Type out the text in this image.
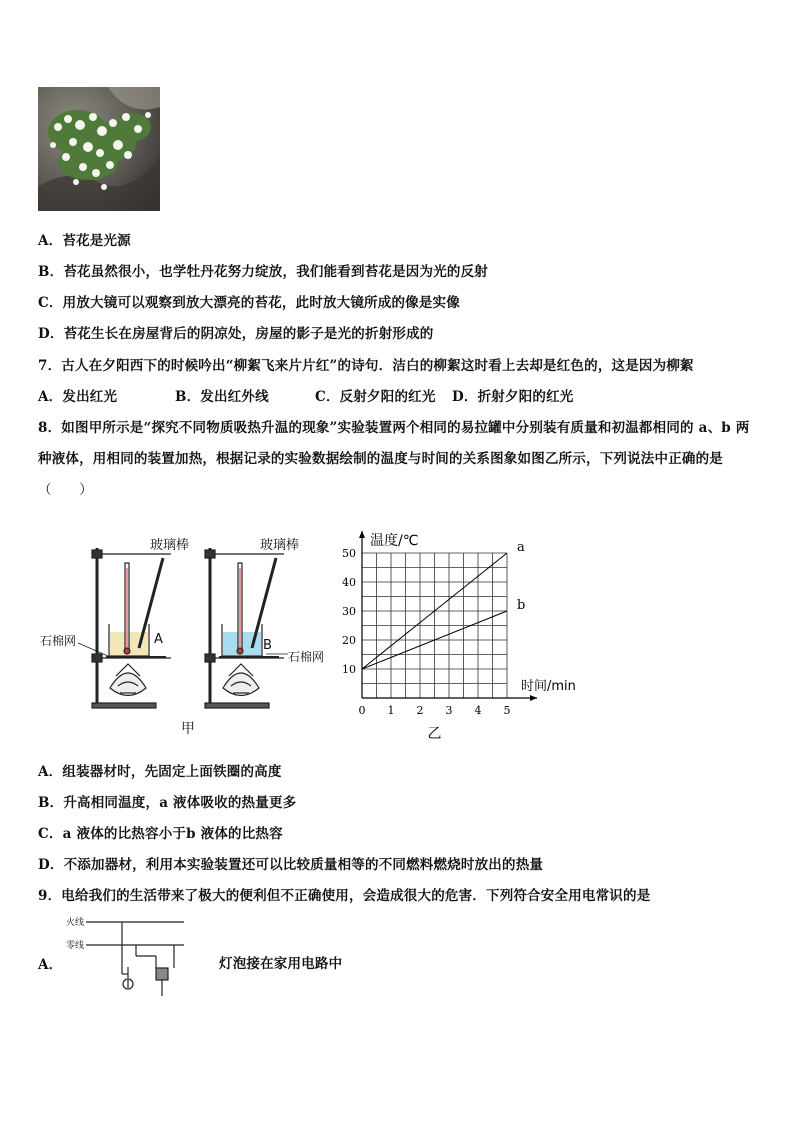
A．苔花是光源
B．苔花虽然很小，也学牡丹花努力绽放，我们能看到苔花是因为光的反射
C．用放大镜可以观察到放大漂亮的苔花，此时放大镜所成的像是实像
D．苔花生长在房屋背后的阴凉处，房屋的影子是光的折射形成的
7．古人在夕阳西下的时候吟出“柳絮飞来片片红”的诗句．洁白的柳絮这时看上去却是红色的，这是因为柳絮
A．发出红光	B．发出红外线	C．反射夕阳的红光 D．折射夕阳的红光
8．如图甲所示是“探究不同物质吸热升温的现象”实验装置两个相同的易拉罐中分别装有质量和初温都相同的 a、b 两
种液体，用相同的装置加热，根据记录的实验数据绘制的温度与时间的关系图象如图乙所示，下列说法中正确的是
（　　）
玻璃棒	玻璃棒
石棉网
石棉网
A	B
甲
0 1 2 3 4 5
10
20
30
40
50
温度/℃
时间/min
乙
a
b
A．组装器材时，先固定上面铁圈的高度
B．升高相同温度，a 液体吸收的热量更多
C．a 液体的比热容小于b 液体的比热容
D．不添加器材，利用本实验装置还可以比较质量相等的不同燃料燃烧时放出的热量
9．电给我们的生活带来了极大的便利但不正确使用，会造成很大的危害．下列符合安全用电常识的是
A．
火线
零线
灯泡接在家用电路中
